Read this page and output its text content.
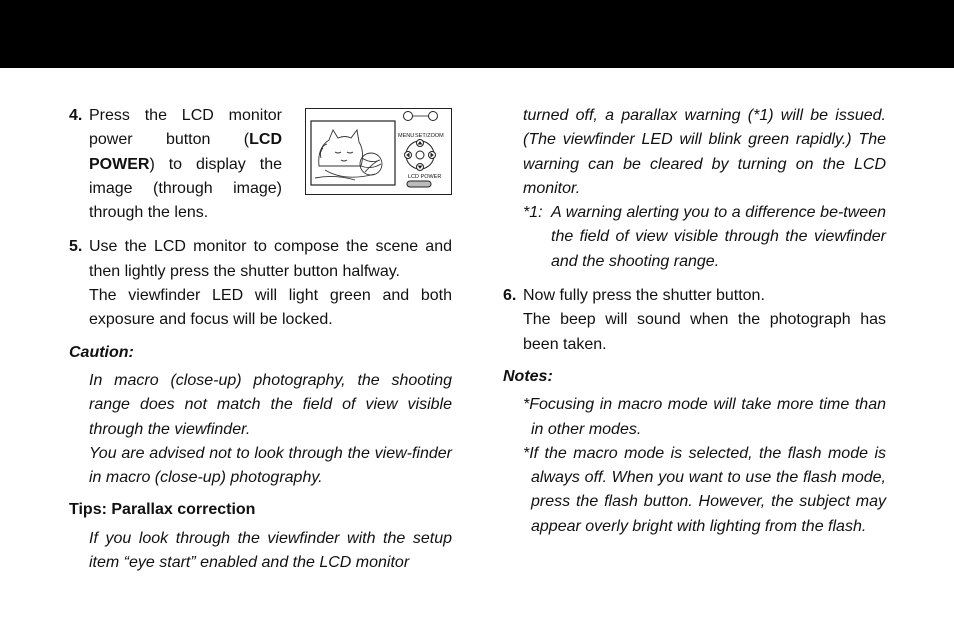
MENU SET/ZOOM
LCD POWER
4. Press the LCD monitor power button (LCD POWER) to display the image (through image) through the lens.
5. Use the LCD monitor to compose the scene and then lightly press the shutter button halfway.
The viewfinder LED will light green and both exposure and focus will be locked.
Caution:
In macro (close-up) photography, the shooting range does not match the field of view visible through the viewfinder.
You are advised not to look through the view-finder in macro (close-up) photography.
Tips: Parallax correction
If you look through the viewfinder with the setup item “eye start” enabled and the LCD monitor
turned off, a parallax warning (*1) will be issued. (The viewfinder LED will blink green rapidly.) The warning can be cleared by turning on the LCD monitor.
*1: A warning alerting you to a difference be-tween the field of view visible through the viewfinder and the shooting range.
6. Now fully press the shutter button.
The beep will sound when the photograph has been taken.
Notes:
*Focusing in macro mode will take more time than in other modes.
*If the macro mode is selected, the flash mode is always off. When you want to use the flash mode, press the flash button. However, the subject may appear overly bright with lighting from the flash.
